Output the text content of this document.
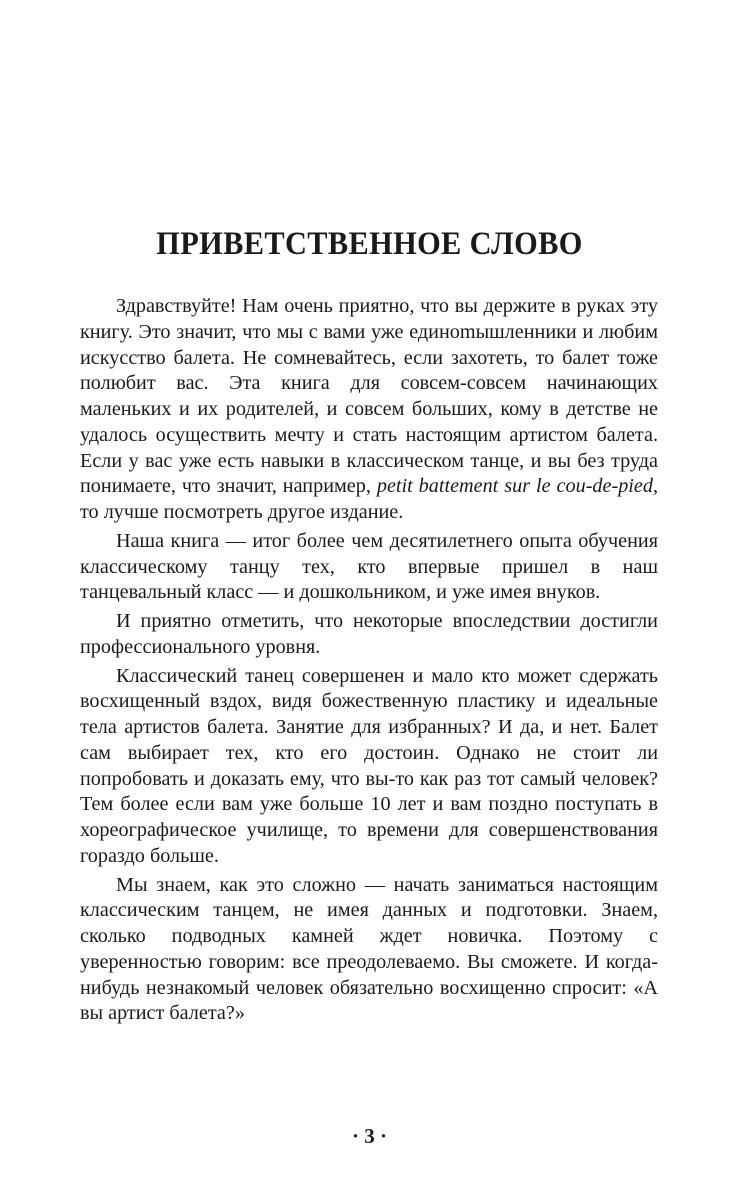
ПРИВЕТСТВЕННОЕ СЛОВО

Здравствуйте! Нам очень приятно, что вы держите в руках эту книгу. Это значит, что мы с вами уже единоmышленники и любим искусство балета. Не сомневайтесь, если захотеть, то балет тоже полюбит вас. Эта книга для совсем-совсем начинающих маленьких и их родителей, и совсем больших, кому в детстве не удалось осуществить мечту и стать настоящим артистом балета. Если у вас уже есть навыки в классическом танце, и вы без труда понимаете, что значит, например, petit battement sur le cou-de-pied, то лучше посмотреть другое издание.

Наша книга — итог более чем десятилетнего опыта обучения классическому танцу тех, кто впервые пришел в наш танцевальный класс — и дошкольником, и уже имея внуков.

И приятно отметить, что некоторые впоследствии достигли профессионального уровня.

Классический танец совершенен и мало кто может сдержать восхищенный вздох, видя божественную пластику и идеальные тела артистов балета. Занятие для избранных? И да, и нет. Балет сам выбирает тех, кто его достоин. Однако не стоит ли попробовать и доказать ему, что вы-то как раз тот самый человек? Тем более если вам уже больше 10 лет и вам поздно поступать в хореографическое училище, то времени для совершенствования гораздо больше.

Мы знаем, как это сложно — начать заниматься настоящим классическим танцем, не имея данных и подготовки. Знаем, сколько подводных камней ждет новичка. Поэтому с уверенностью говорим: все преодолеваемо. Вы сможете. И когда-нибудь незнакомый человек обязательно восхищенно спросит: «А вы артист балета?»

· 3 ·
